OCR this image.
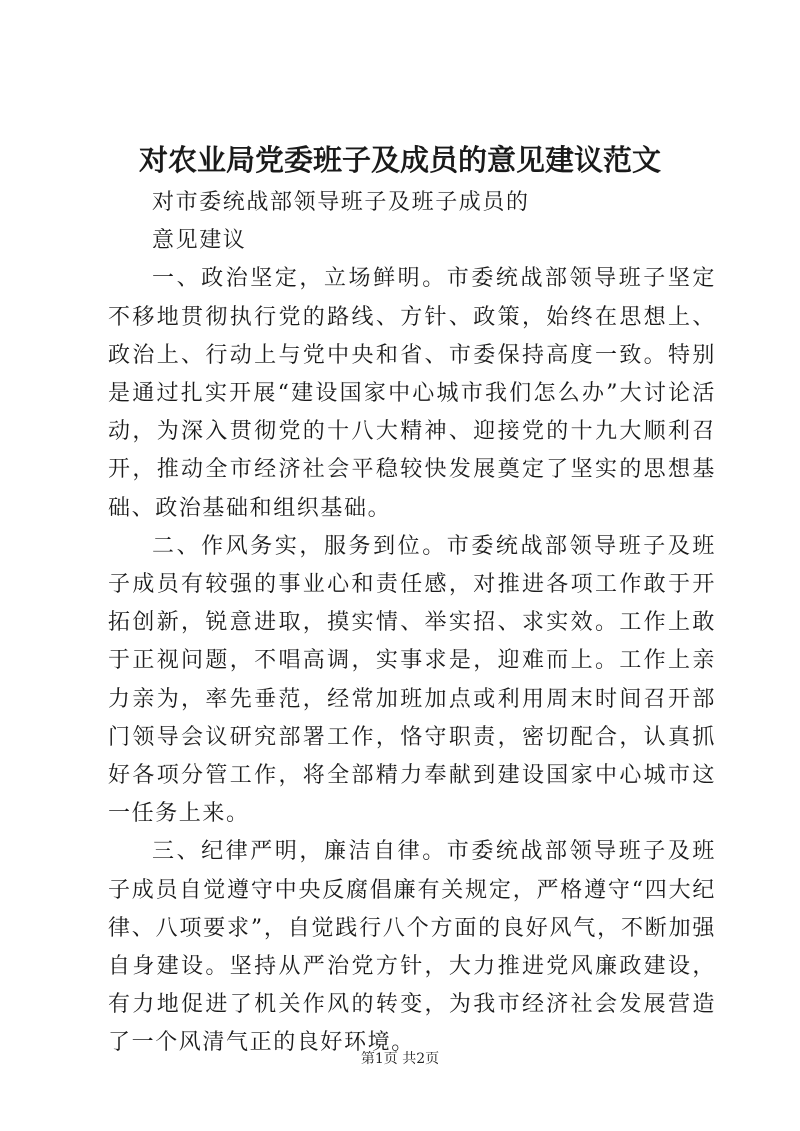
对农业局党委班子及成员的意见建议范文

对市委统战部领导班子及班子成员的

意见建议

一、政治坚定，立场鲜明。市委统战部领导班子坚定不移地贯彻执行党的路线、方针、政策，始终在思想上、政治上、行动上与党中央和省、市委保持高度一致。特别是通过扎实开展“建设国家中心城市我们怎么办”大讨论活动，为深入贯彻党的十八大精神、迎接党的十九大顺利召开，推动全市经济社会平稳较快发展奠定了坚实的思想基础、政治基础和组织基础。

二、作风务实，服务到位。市委统战部领导班子及班子成员有较强的事业心和责任感，对推进各项工作敢于开拓创新，锐意进取，摸实情、举实招、求实效。工作上敢于正视问题，不唱高调，实事求是，迎难而上。工作上亲力亲为，率先垂范，经常加班加点或利用周末时间召开部门领导会议研究部署工作，恪守职责，密切配合，认真抓好各项分管工作，将全部精力奉献到建设国家中心城市这一任务上来。

三、纪律严明，廉洁自律。市委统战部领导班子及班子成员自觉遵守中央反腐倡廉有关规定，严格遵守“四大纪律、八项要求”，自觉践行八个方面的良好风气，不断加强自身建设。坚持从严治党方针，大力推进党风廉政建设，有力地促进了机关作风的转变，为我市经济社会发展营造了一个风清气正的良好环境。

第1页 共2页
